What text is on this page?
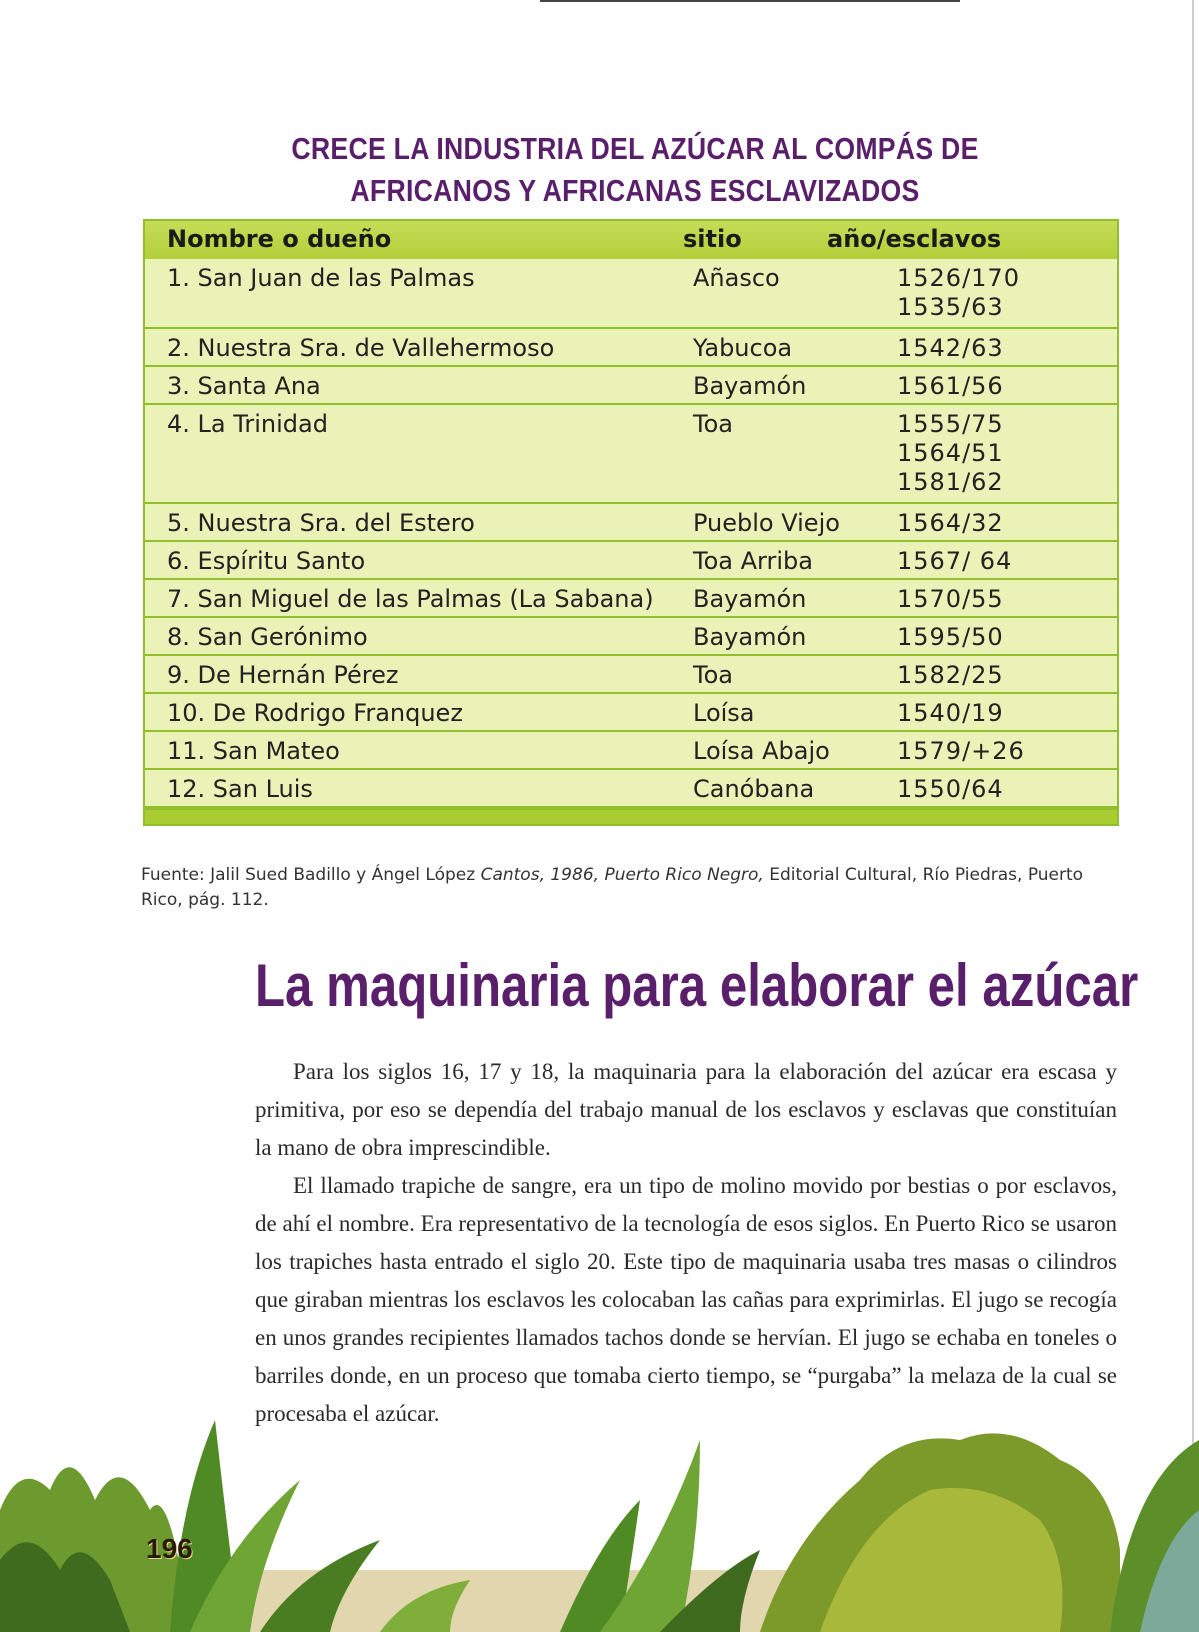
CRECE LA INDUSTRIA DEL AZÚCAR AL COMPÁS DE
AFRICANOS Y AFRICANAS ESCLAVIZADOS
Nombre o dueño	sitio	año/esclavos
1. San Juan de las Palmas	Añasco	1526/170
1535/63
2. Nuestra Sra. de Vallehermoso	Yabucoa	1542/63
3. Santa Ana	Bayamón	1561/56
4. La Trinidad	Toa	1555/75
1564/51
1581/62
5. Nuestra Sra. del Estero	Pueblo Viejo 1564/32
6. Espíritu Santo	Toa Arriba	1567/ 64
7. San Miguel de las Palmas (La Sabana) Bayamón	1570/55
8. San Gerónimo	Bayamón	1595/50
9. De Hernán Pérez	Toa	1582/25
10. De Rodrigo Franquez	Loísa	1540/19
11. San Mateo	Loísa Abajo	1579/+26
12. San Luis	Canóbana	1550/64
Fuente: Jalil Sued Badillo y Ángel López Cantos, 1986, Puerto Rico Negro, Editorial Cultural, Río Piedras, Puerto Rico, pág. 112.
La maquinaria para elaborar el azúcar

Para los siglos 16, 17 y 18, la maquinaria para la elaboración del azúcar era escasa y primitiva, por eso se dependía del trabajo manual de los esclavos y esclavas que constituían la mano de obra imprescindible.

El llamado trapiche de sangre, era un tipo de molino movido por bestias o por esclavos, de ahí el nombre. Era representativo de la tecnología de esos siglos. En Puerto Rico se usaron los trapiches hasta entrado el siglo 20. Este tipo de maquinaria usaba tres masas o cilindros que giraban mientras los esclavos les colocaban las cañas para exprimirlas. El jugo se recogía en unos grandes recipientes llamados tachos donde se hervían. El jugo se echaba en toneles o barriles donde, en un proceso que tomaba cierto tiempo, se “purgaba” la melaza de la cual se procesaba el azúcar.

196
